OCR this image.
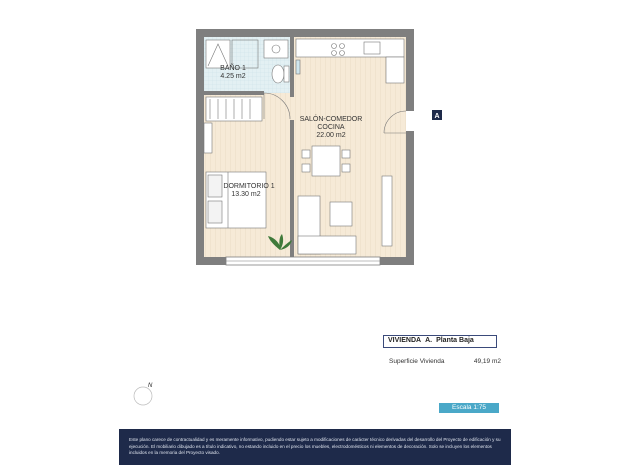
A
BAÑO 1
4.25 m2
SALÓN-COMEDOR
COCINA
22.00 m2
DORMITORIO 1
13.30 m2
VIVIENDA A. Planta Baja
Superficie Vivienda	49,19 m2
Escala 1:75
N
Este plano carece de contractualidad y es meramente informativo, pudiendo estar sujeto a modificaciones de carácter técnico derivadas del desarrollo del Proyecto de edificación y su ejecución. El mobiliario dibujado es a título indicativo, no estando incluido en el precio los muebles, electrodomésticos ni elementos de decoración. Solo se incluyen los elementos incluidos en la memoria del Proyecto visado.
